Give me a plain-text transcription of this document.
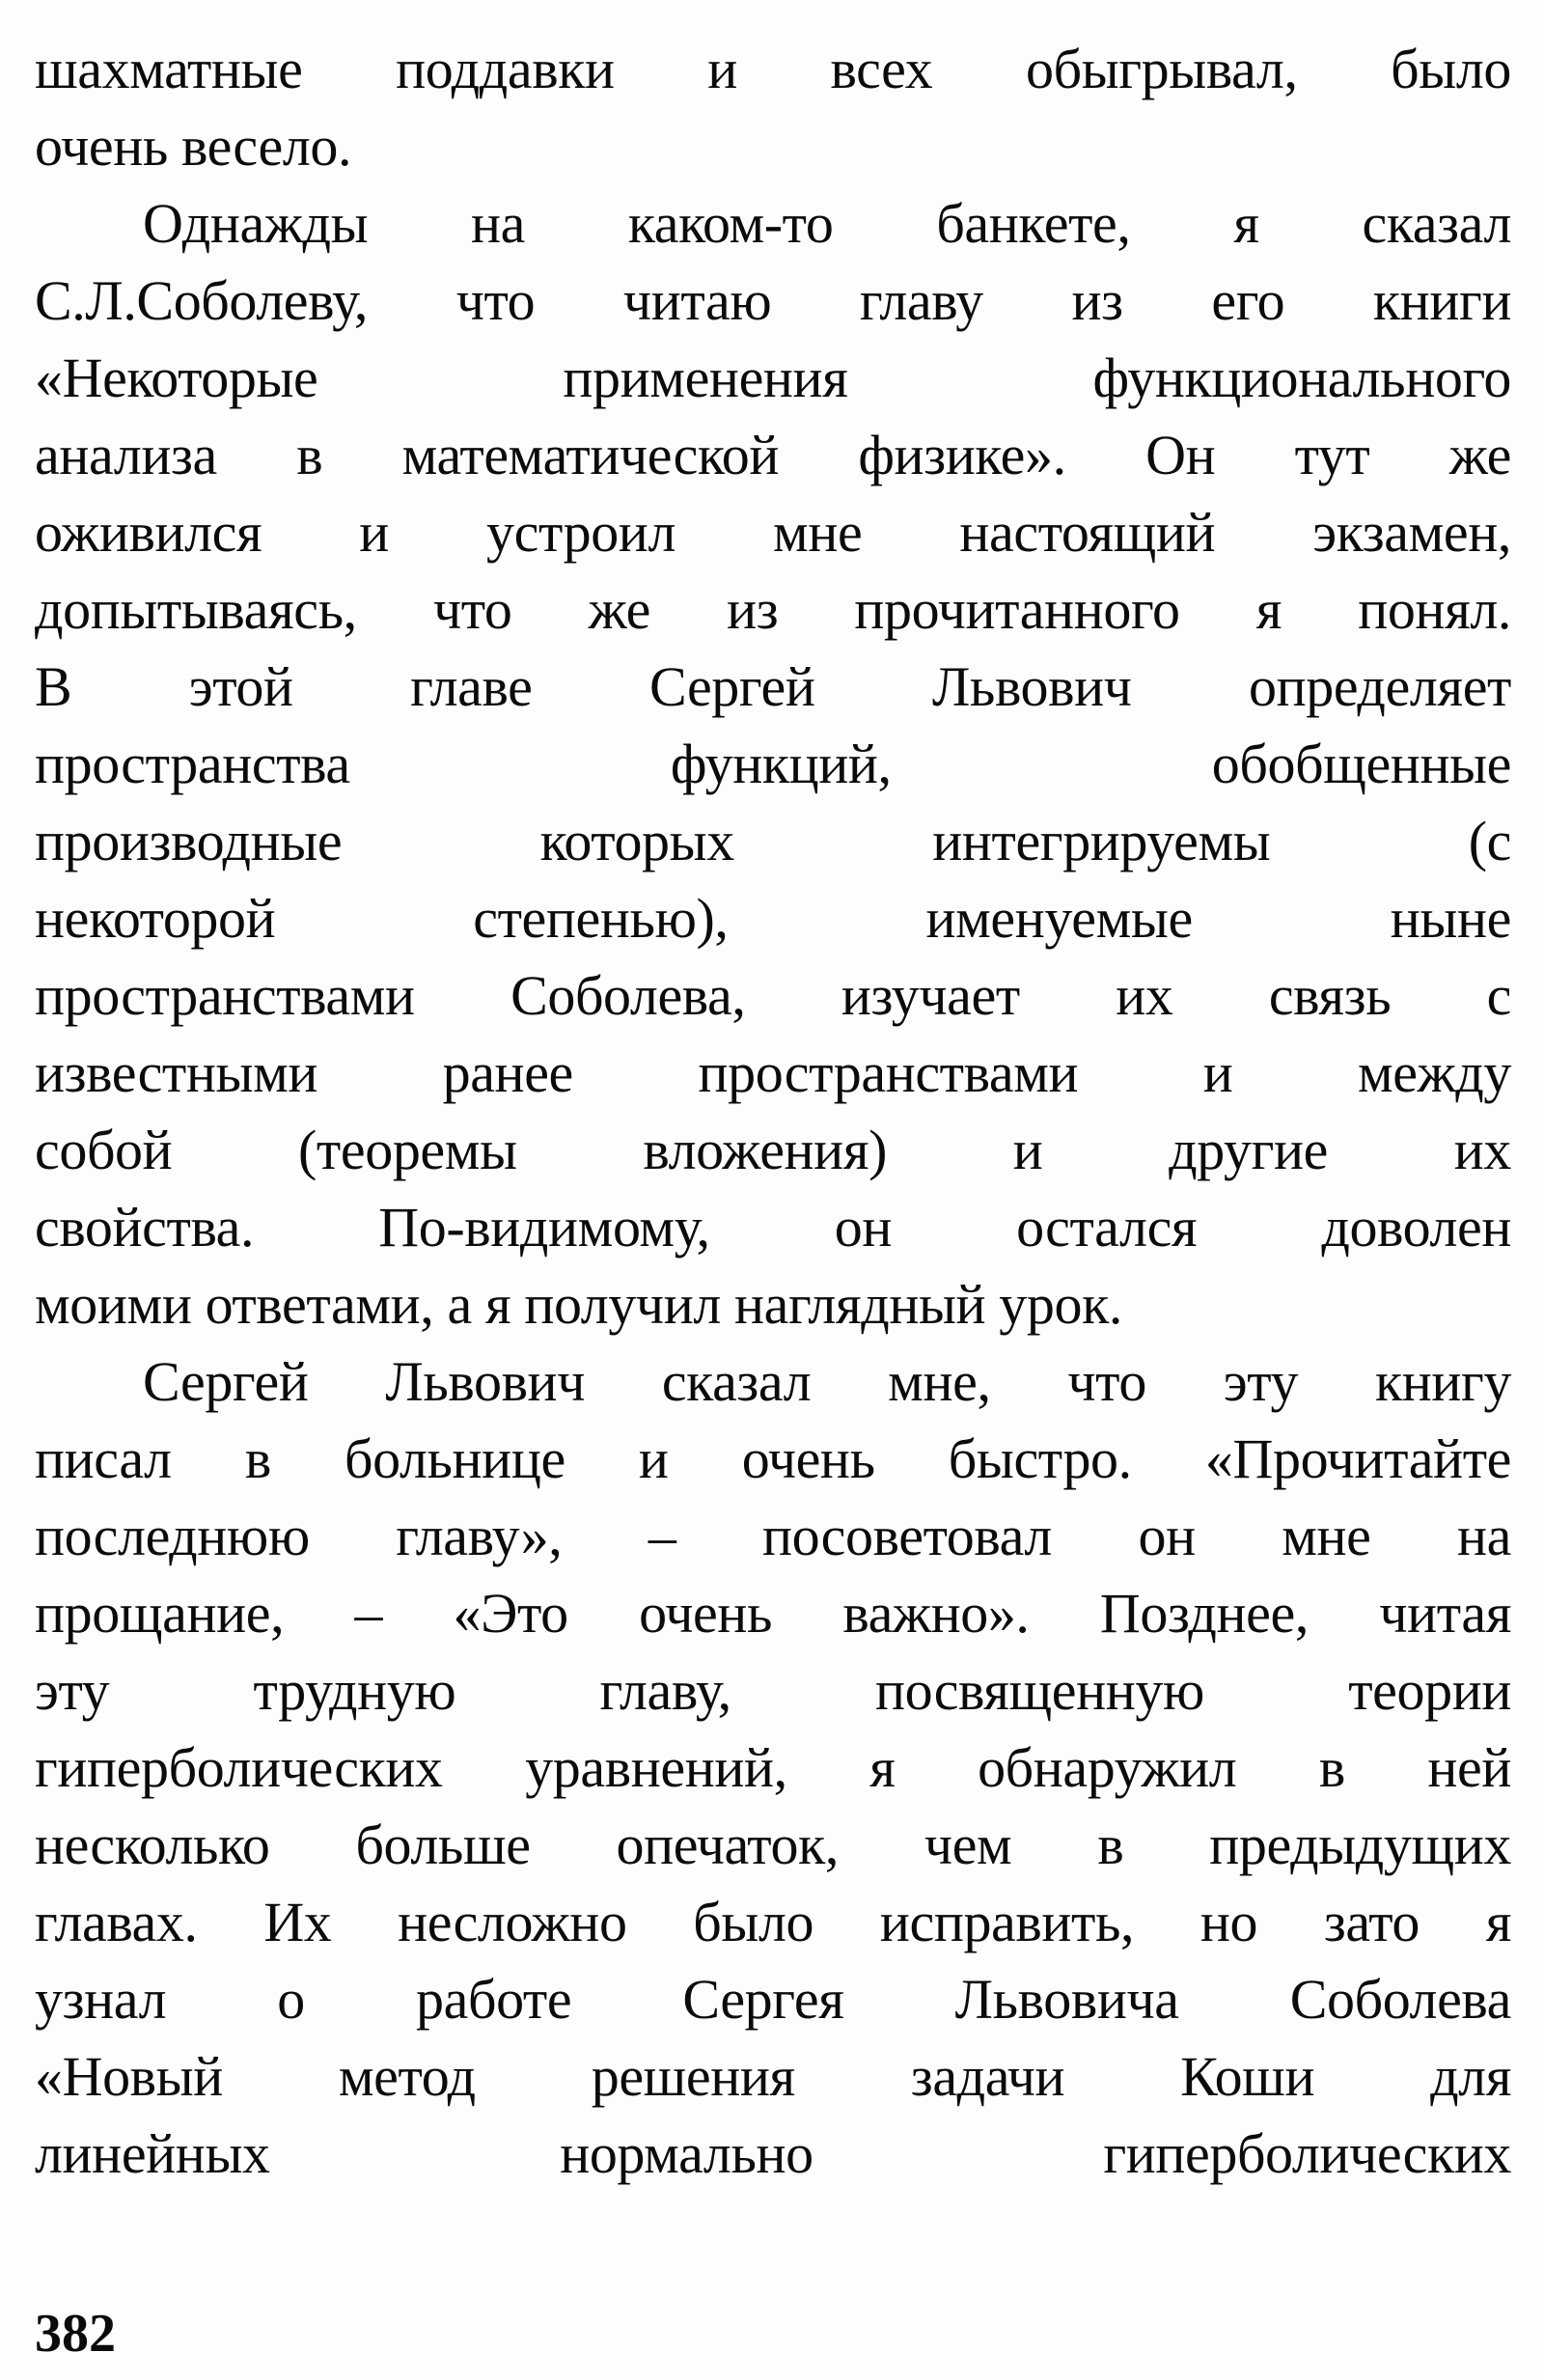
шахматные поддавки и всех обыгрывал, было
очень весело.
Однажды на каком-то банкете, я сказал
С.Л.Соболеву, что читаю главу из его книги
«Некоторые применения функционального
анализа в математической физике». Он тут же
оживился и устроил мне настоящий экзамен,
допытываясь, что же из прочитанного я понял.
В этой главе Сергей Львович определяет
пространства функций, обобщенные
производные которых интегрируемы (с
некоторой степенью), именуемые ныне
пространствами Соболева, изучает их связь с
известными ранее пространствами и между
собой (теоремы вложения) и другие их
свойства. По-видимому, он остался доволен
моими ответами, а я получил наглядный урок.
Сергей Львович сказал мне, что эту книгу
писал в больнице и очень быстро. «Прочитайте
последнюю главу», – посоветовал он мне на
прощание, – «Это очень важно». Позднее, читая
эту трудную главу, посвященную теории
гиперболических уравнений, я обнаружил в ней
несколько больше опечаток, чем в предыдущих
главах. Их несложно было исправить, но зато я
узнал о работе Сергея Львовича Соболева
«Новый метод решения задачи Коши для
линейных нормально гиперболических
382
